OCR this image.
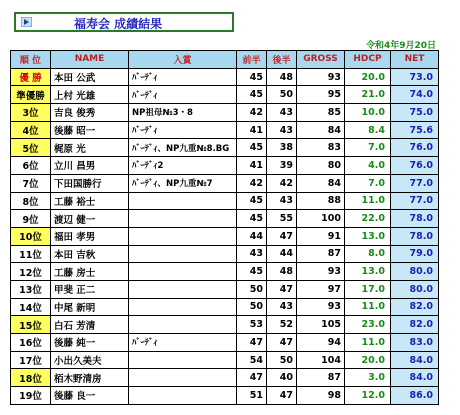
福寿会 成績結果
令和4年9月20日
順 位	NAME	入賞	前半	後半	GROSS	HDCP	NET
優 勝	本田 公武	ﾊﾞｰﾃﾞｨ	45	48	93	20.0	73.0
準優勝	上村 光雄	ﾊﾞｰﾃﾞｨ	45	50	95	21.0	74.0
3位	吉良 俊秀	NP祖母№3・8	42	43	85	10.0	75.0
4位	後藤 昭一	ﾊﾞｰﾃﾞｨ	41	43	84	8.4	75.6
5位	梶原 光	ﾊﾞｰﾃﾞｨ、NP九重№8.BG	45	38	83	7.0	76.0
6位	立川 昌男	ﾊﾞｰﾃﾞｨ2	41	39	80	4.0	76.0
7位	下田国勝行	ﾊﾞｰﾃﾞｨ、NP九重№7	42	42	84	7.0	77.0
8位	工藤 裕士		45	43	88	11.0	77.0
9位	渡辺 健一		45	55	100	22.0	78.0
10位	福田 孝男		44	47	91	13.0	78.0
11位	本田 吉秋		43	44	87	8.0	79.0
12位	工藤 房士		45	48	93	13.0	80.0
13位	甲斐 正二		50	47	97	17.0	80.0
14位	中尾 新明		50	43	93	11.0	82.0
15位	白石 芳清		53	52	105	23.0	82.0
16位	後藤 純一	ﾊﾞｰﾃﾞｨ	47	47	94	11.0	83.0
17位	小出久美夫		54	50	104	20.0	84.0
18位	栢木野清房		47	40	87	3.0	84.0
19位	後藤 良一		51	47	98	12.0	86.0
